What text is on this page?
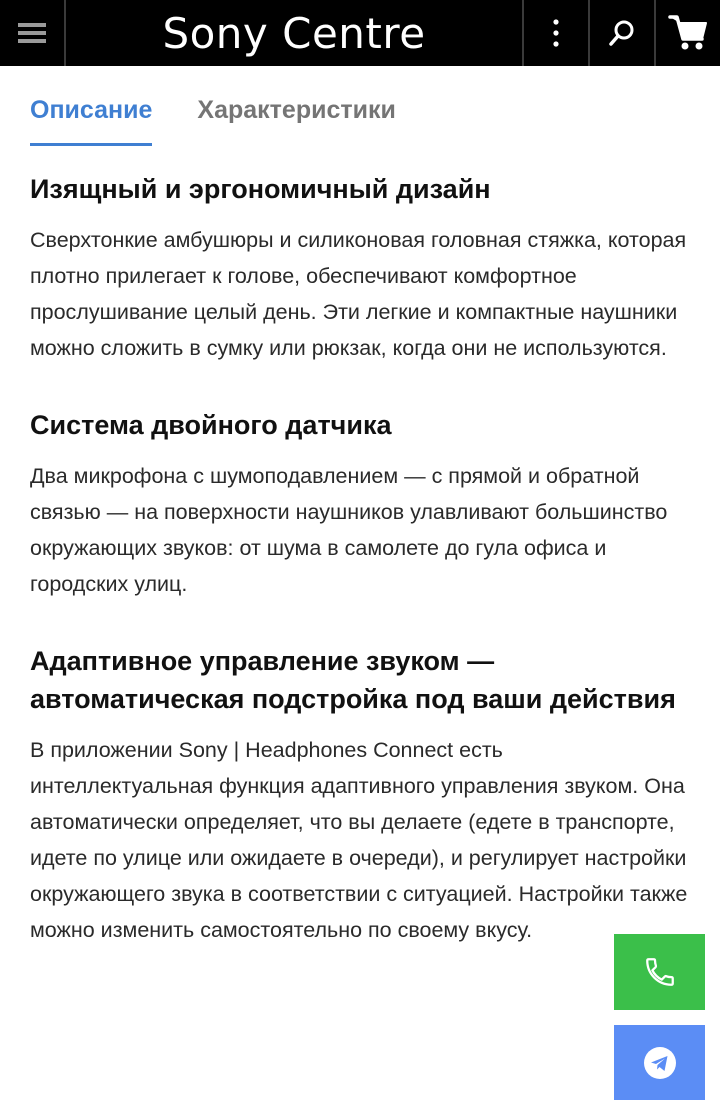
Sony Centre
Описание Характеристики
Изящный и эргономичный дизайн

Сверхтонкие амбушюры и силиконовая головная стяжка, которая плотно прилегает к голове, обеспечивают комфортное прослушивание целый день. Эти легкие и компактные наушники можно сложить в сумку или рюкзак, когда они не используются.

Система двойного датчика

Два микрофона с шумоподавлением — с прямой и обратной связью — на поверхности наушников улавливают большинство окружающих звуков: от шума в самолете до гула офиса и городских улиц.

Адаптивное управление звуком — автоматическая подстройка под ваши действия

В приложении Sony | Headphones Connect есть интеллектуальная функция адаптивного управления звуком. Она автоматически определяет, что вы делаете (едете в транспорте, идете по улице или ожидаете в очереди), и регулирует настройки окружающего звука в соответствии с ситуацией. Настройки также можно изменить самостоятельно по своему вкусу.
